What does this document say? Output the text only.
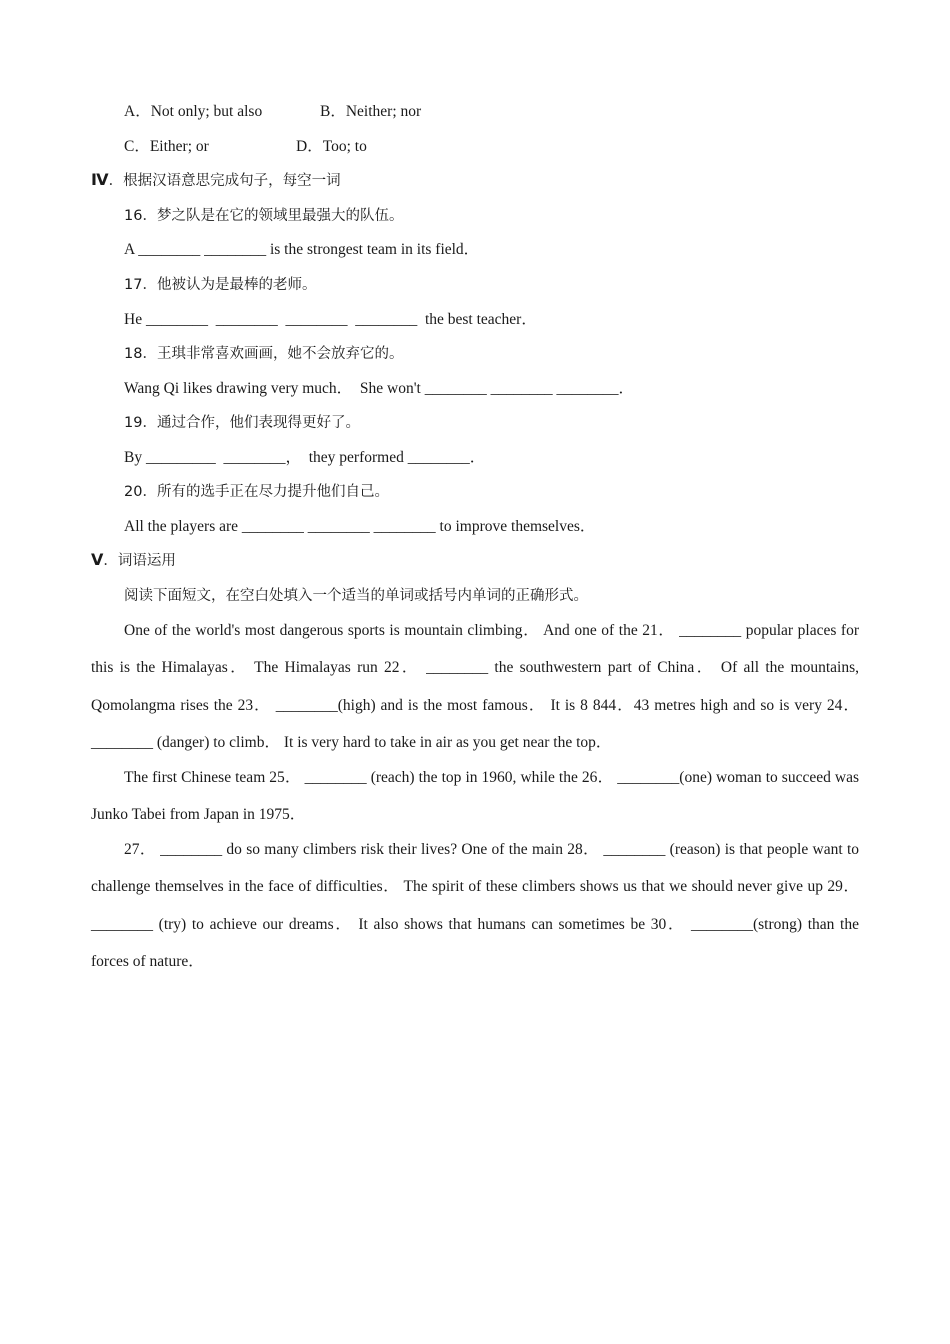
A．Not only; but also	B．Neither; nor
C．Either; or	D．Too; to
Ⅳ．根据汉语意思完成句子，每空一词
16．梦之队是在它的领域里最强大的队伍。
A ________ ________ is the strongest team in its field．
17．他被认为是最棒的老师。
He ________  ________  ________  ________  the best teacher．
18．王琪非常喜欢画画，她不会放弃它的。
Wang Qi likes drawing very much．  She won't ________ ________ ________．
19．通过合作，他们表现得更好了。
By _________  ________，  they performed ________．
20．所有的选手正在尽力提升他们自己。
All the players are ________ ________ ________ to improve themselves．
Ⅴ．词语运用
阅读下面短文，在空白处填入一个适当的单词或括号内单词的正确形式。
One of the world's most dangerous sports is mountain climbing． And one of the 21． ________ popular places for this is the Himalayas． The Himalayas run 22． ________ the southwestern part of China． Of all the mountains, Qomolangma rises the 23． ________(high) and is the most famous． It is 8 844．43 metres high and so is very 24． ________ (danger) to climb． It is very hard to take in air as you get near the top．
The first Chinese team 25． ________ (reach) the top in 1960, while the 26． ________(one) woman to succeed was Junko Tabei from Japan in 1975．
27． ________ do so many climbers risk their lives? One of the main 28． ________ (reason) is that people want to challenge themselves in the face of difficulties． The spirit of these climbers shows us that we should never give up 29． ________ (try) to achieve our dreams． It also shows that humans can sometimes be 30． ________(strong) than the forces of nature．
